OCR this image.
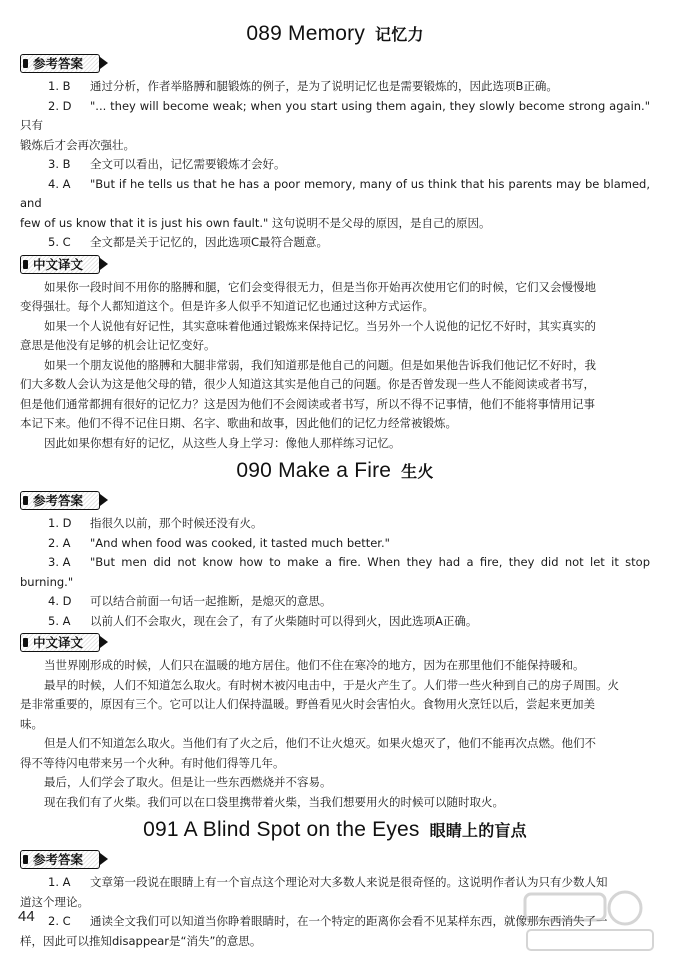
089 Memory 记忆力
参考答案

1. B 通过分析，作者举胳膊和腿锻炼的例子，是为了说明记忆也是需要锻炼的，因此选项B正确。

2. D "... they will become weak; when you start using them again, they slowly become strong again." 只有

锻炼后才会再次强壮。

3. B 全文可以看出，记忆需要锻炼才会好。

4. A "But if he tells us that he has a poor memory, many of us think that his parents may be blamed, and

few of us know that it is just his own fault." 这句说明不是父母的原因，是自己的原因。

5. C 全文都是关于记忆的，因此选项C最符合题意。

中文译文

如果你一段时间不用你的胳膊和腿，它们会变得很无力，但是当你开始再次使用它们的时候，它们又会慢慢地

变得强壮。每个人都知道这个。但是许多人似乎不知道记忆也通过这种方式运作。

如果一个人说他有好记性，其实意味着他通过锻炼来保持记忆。当另外一个人说他的记忆不好时，其实真实的

意思是他没有足够的机会让记忆变好。

如果一个朋友说他的胳膊和大腿非常弱，我们知道那是他自己的问题。但是如果他告诉我们他记忆不好时，我

们大多数人会认为这是他父母的错，很少人知道这其实是他自己的问题。你是否曾发现一些人不能阅读或者书写，

但是他们通常都拥有很好的记忆力？这是因为他们不会阅读或者书写，所以不得不记事情，他们不能将事情用记事

本记下来。他们不得不记住日期、名字、歌曲和故事，因此他们的记忆力经常被锻炼。

因此如果你想有好的记忆，从这些人身上学习：像他人那样练习记忆。

090 Make a Fire 生火
参考答案

1. D 指很久以前，那个时候还没有火。

2. A "And when food was cooked, it tasted much better."

3. A "But men did not know how to make a fire. When they had a fire, they did not let it stop burning."

4. D 可以结合前面一句话一起推断，是熄灭的意思。

5. A 以前人们不会取火，现在会了，有了火柴随时可以得到火，因此选项A正确。

中文译文

当世界刚形成的时候，人们只在温暖的地方居住。他们不住在寒冷的地方，因为在那里他们不能保持暖和。

最早的时候，人们不知道怎么取火。有时树木被闪电击中，于是火产生了。人们带一些火种到自己的房子周围。火

是非常重要的，原因有三个。它可以让人们保持温暖。野兽看见火时会害怕火。食物用火烹饪以后，尝起来更加美

味。

但是人们不知道怎么取火。当他们有了火之后，他们不让火熄灭。如果火熄灭了，他们不能再次点燃。他们不

得不等待闪电带来另一个火种。有时他们得等几年。

最后，人们学会了取火。但是让一些东西燃烧并不容易。

现在我们有了火柴。我们可以在口袋里携带着火柴，当我们想要用火的时候可以随时取火。

091 A Blind Spot on the Eyes 眼睛上的盲点
参考答案

1. A 文章第一段说在眼睛上有一个盲点这个理论对大多数人来说是很奇怪的。这说明作者认为只有少数人知

道这个理论。

2. C 通读全文我们可以知道当你睁着眼睛时，在一个特定的距离你会看不见某样东西，就像那东西消失了一

样，因此可以推知disappear是“消失”的意思。

44
